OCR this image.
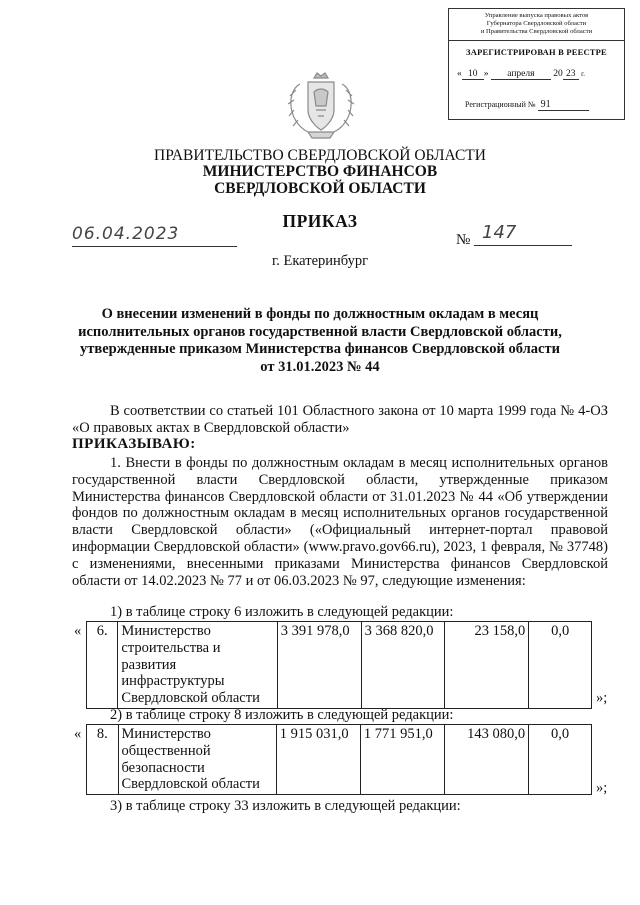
Управление выпуска правовых актов
Губернатора Свердловской области
и Правительства Свердловской области
ЗАРЕГИСТРИРОВАН В РЕЕСТРЕ
« 10 » апреля 20 23 г.
Регистрационный № 91
ПРАВИТЕЛЬСТВО СВЕРДЛОВСКОЙ ОБЛАСТИ
МИНИСТЕРСТВО ФИНАНСОВ
СВЕРДЛОВСКОЙ ОБЛАСТИ
ПРИКАЗ
06.04.2023	№ 147
г. Екатеринбург
О внесении изменений в фонды по должностным окладам в месяц
исполнительных органов государственной власти Свердловской области,
утвержденные приказом Министерства финансов Свердловской области
от 31.01.2023 № 44
В соответствии со статьей 101 Областного закона от 10 марта 1999 года № 4-ОЗ «О правовых актах в Свердловской области»
ПРИКАЗЫВАЮ:
1. Внести в фонды по должностным окладам в месяц исполнительных органов государственной власти Свердловской области, утвержденные приказом Министерства финансов Свердловской области от 31.01.2023 № 44 «Об утверждении фондов по должностным окладам в месяц исполнительных органов государственной власти Свердловской области» («Официальный интернет-портал правовой информации Свердловской области» (www.pravo.gov66.ru), 2023, 1 февраля, № 37748) с изменениями, внесенными приказами Министерства финансов Свердловской области от 14.02.2023 № 77 и от 06.03.2023 № 97, следующие изменения:
1) в таблице строку 6 изложить в следующей редакции:
« 6.	Министерство строительства и развития инфраструктуры Свердловской области	3 391 978,0	3 368 820,0	23 158,0	0,0
»;
2) в таблице строку 8 изложить в следующей редакции:
« 8.	Министерство общественной безопасности Свердловской области	1 915 031,0	1 771 951,0	143 080,0	0,0
»;
3) в таблице строку 33 изложить в следующей редакции:
